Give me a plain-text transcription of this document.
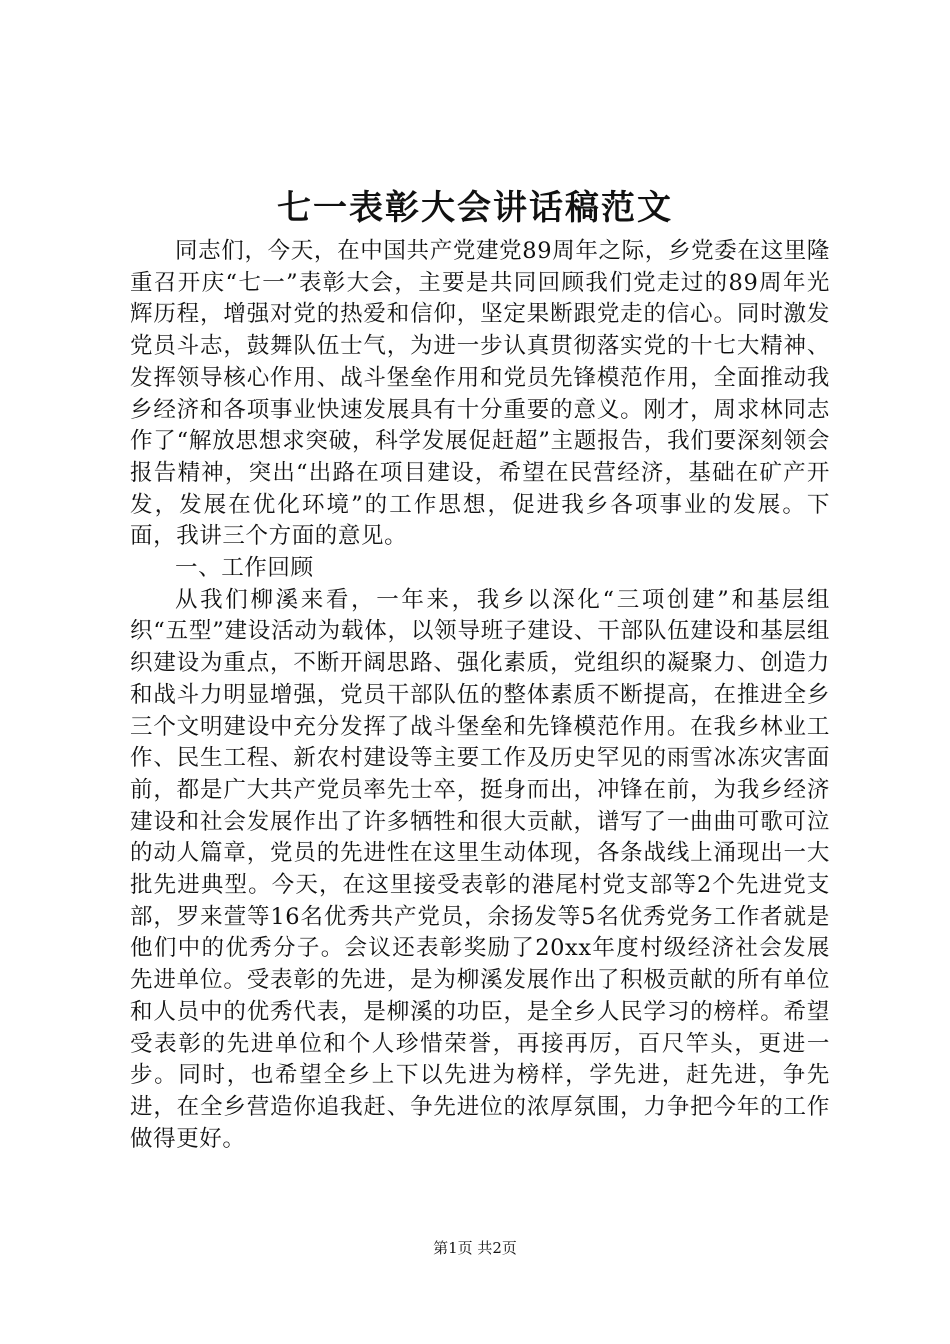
七一表彰大会讲话稿范文

同志们，今天，在中国共产党建党89周年之际，乡党委在这里隆重召开庆“七一”表彰大会，主要是共同回顾我们党走过的89周年光辉历程，增强对党的热爱和信仰，坚定果断跟党走的信心。同时激发党员斗志，鼓舞队伍士气，为进一步认真贯彻落实党的十七大精神、发挥领导核心作用、战斗堡垒作用和党员先锋模范作用，全面推动我乡经济和各项事业快速发展具有十分重要的意义。刚才，周求林同志作了“解放思想求突破，科学发展促赶超”主题报告，我们要深刻领会报告精神，突出“出路在项目建设，希望在民营经济，基础在矿产开发，发展在优化环境”的工作思想，促进我乡各项事业的发展。下面，我讲三个方面的意见。

一、工作回顾

从我们柳溪来看，一年来，我乡以深化“三项创建”和基层组织“五型”建设活动为载体，以领导班子建设、干部队伍建设和基层组织建设为重点，不断开阔思路、强化素质，党组织的凝聚力、创造力和战斗力明显增强，党员干部队伍的整体素质不断提高，在推进全乡三个文明建设中充分发挥了战斗堡垒和先锋模范作用。在我乡林业工作、民生工程、新农村建设等主要工作及历史罕见的雨雪冰冻灾害面前，都是广大共产党员率先士卒，挺身而出，冲锋在前，为我乡经济建设和社会发展作出了许多牺牲和很大贡献，谱写了一曲曲可歌可泣的动人篇章，党员的先进性在这里生动体现，各条战线上涌现出一大批先进典型。今天，在这里接受表彰的港尾村党支部等2个先进党支部，罗来萱等16名优秀共产党员，余扬发等5名优秀党务工作者就是他们中的优秀分子。会议还表彰奖励了20xx年度村级经济社会发展先进单位。受表彰的先进，是为柳溪发展作出了积极贡献的所有单位和人员中的优秀代表，是柳溪的功臣，是全乡人民学习的榜样。希望受表彰的先进单位和个人珍惜荣誉，再接再厉，百尺竿头，更进一步。同时，也希望全乡上下以先进为榜样，学先进，赶先进，争先进，在全乡营造你追我赶、争先进位的浓厚氛围，力争把今年的工作做得更好。

第1页 共2页
